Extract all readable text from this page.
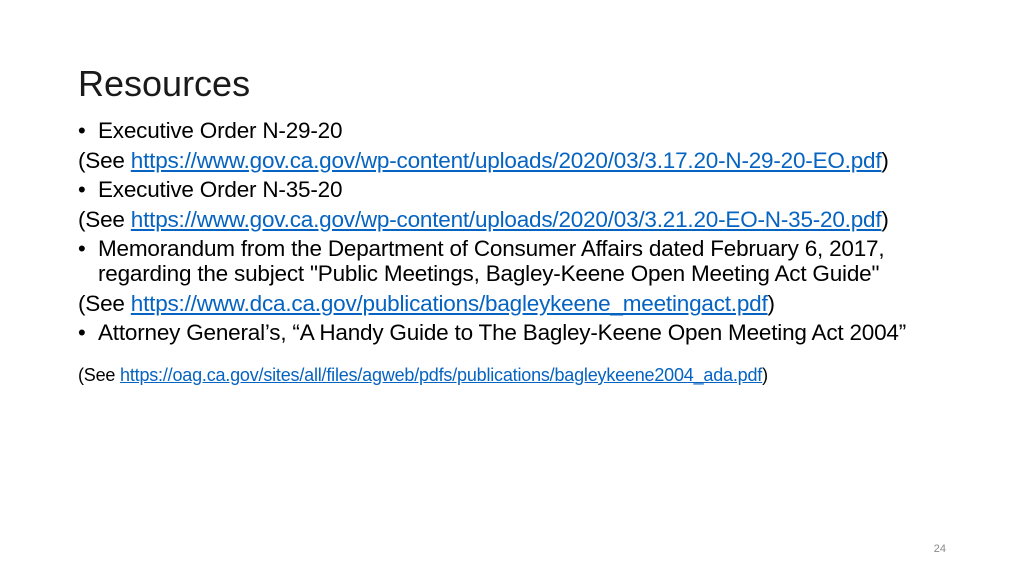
Resources
• Executive Order N-29-20
(See https://www.gov.ca.gov/wp-content/uploads/2020/03/3.17.20-N-29-20-EO.pdf)
• Executive Order N-35-20
(See https://www.gov.ca.gov/wp-content/uploads/2020/03/3.21.20-EO-N-35-20.pdf)
• Memorandum from the Department of Consumer Affairs dated February 6, 2017, regarding the subject "Public Meetings, Bagley-Keene Open Meeting Act Guide"
(See https://www.dca.ca.gov/publications/bagleykeene_meetingact.pdf)
• Attorney General’s, “A Handy Guide to The Bagley-Keene Open Meeting Act 2004”
(See https://oag.ca.gov/sites/all/files/agweb/pdfs/publications/bagleykeene2004_ada.pdf)
24
